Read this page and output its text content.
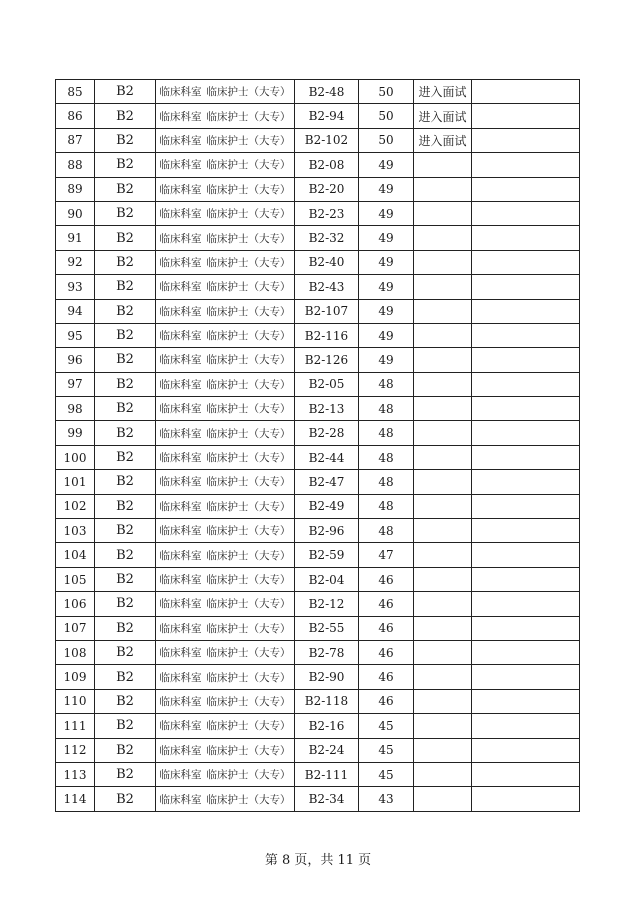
85	B2	临床科室 临床护士（大专）	B2-48	50	进入面试	
86	B2	临床科室 临床护士（大专）	B2-94	50	进入面试	
87	B2	临床科室 临床护士（大专）	B2-102	50	进入面试	
88	B2	临床科室 临床护士（大专）	B2-08	49		
89	B2	临床科室 临床护士（大专）	B2-20	49		
90	B2	临床科室 临床护士（大专）	B2-23	49		
91	B2	临床科室 临床护士（大专）	B2-32	49		
92	B2	临床科室 临床护士（大专）	B2-40	49		
93	B2	临床科室 临床护士（大专）	B2-43	49		
94	B2	临床科室 临床护士（大专）	B2-107	49		
95	B2	临床科室 临床护士（大专）	B2-116	49		
96	B2	临床科室 临床护士（大专）	B2-126	49		
97	B2	临床科室 临床护士（大专）	B2-05	48		
98	B2	临床科室 临床护士（大专）	B2-13	48		
99	B2	临床科室 临床护士（大专）	B2-28	48		
100	B2	临床科室 临床护士（大专）	B2-44	48		
101	B2	临床科室 临床护士（大专）	B2-47	48		
102	B2	临床科室 临床护士（大专）	B2-49	48		
103	B2	临床科室 临床护士（大专）	B2-96	48		
104	B2	临床科室 临床护士（大专）	B2-59	47		
105	B2	临床科室 临床护士（大专）	B2-04	46		
106	B2	临床科室 临床护士（大专）	B2-12	46		
107	B2	临床科室 临床护士（大专）	B2-55	46		
108	B2	临床科室 临床护士（大专）	B2-78	46		
109	B2	临床科室 临床护士（大专）	B2-90	46		
110	B2	临床科室 临床护士（大专）	B2-118	46		
111	B2	临床科室 临床护士（大专）	B2-16	45		
112	B2	临床科室 临床护士（大专）	B2-24	45		
113	B2	临床科室 临床护士（大专）	B2-111	45		
114	B2	临床科室 临床护士（大专）	B2-34	43		
第 8 页，共 11 页
